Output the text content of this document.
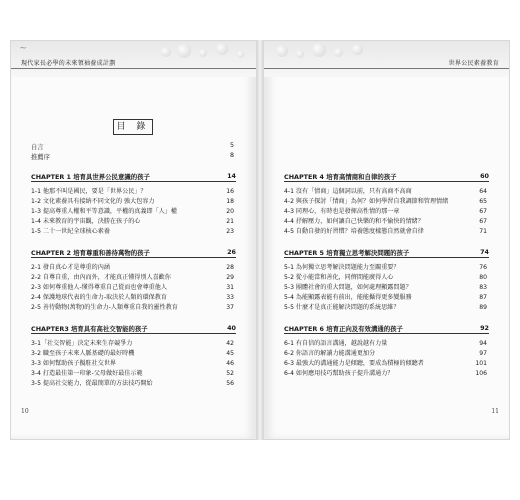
~
現代家長必學的未來領袖養成計劃
目 錄
自言	5
推薦序	8
CHAPTER 1 培育具世界公民意識的孩子	14
1-1 他那不叫是國民，要是「世界公民」？	16
1-2 文化素養具有接納不同文化的 強大包容力	18
1-3 提高尊重人權和平等意識，平權的真義即「人」權	20
1-4 未來教育的宇宙觀，決勝在孩子的心	21
1-5 二十一世紀全球核心素養	23
CHAPTER 2 培育尊重和善待萬物的孩子	26
2-1 發自真心才是尊重的內涵	28
2-2 自尊自重，由內而外，才能真正懂得別人喜歡你	29
2-3 如何尊重他人-懂得尊重自己從而也會尊重他人	31
2-4 保護地球代表的生命力-取決於人類的環保教育	33
2-5 善待動物(萬物)的生命力-人類尊重自我的靈性教育	37
CHAPTER3 培育具有高社交智能的孩子	40
3-1「社交智能」決定未來生存競爭力	42
3-2 職至孩子未來人脈基礎的最好時機	45
3-3 如何幫助孩子擬駐社交世界	46
3-4 打造最佳第一印象-父母做好最佳示範	52
3-5 提高社交能力，從最簡單的方法技巧開始	56
10
世界公民素養教育
CHAPTER 4 培育高情商和自律的孩子	60
4-1 沒有「情商」這個詞以前，只有高商不高商	64
4-2 與孩子探討「情商」為何？如何學習自我調節和管理情緒	65
4-3 同理心，有時也是發揮高性情的那一章	67
4-4 抒解壓力，如何讓自己快樂的和不愉快的情緒？	67
4-5 自動自發的好習慣？培養態度樣態自然就會自律	71
CHAPTER 5 培育獨立思考解決問題的孩子	74
5-1 為何獨立思考解決問題能力至關重要？	76
5-2 從小能當和善化，同儕間能廣得人心	80
5-3 團體社會的重大問題，如何處理顯露問題？	83
5-4 為能顯露表能有前出，能能攝得更多變服務	87
5-5 什麼才是真正能解決問題的系統思維？	89
CHAPTER 6 培育正向及有效溝通的孩子	92
6-1 有自信的語言溝通，越說越有力量	94
6-2 你語言的解讀力能溝通更加分	97
6-3 最強大的溝通能力是傾聽，要成為積極的傾聽者	101
6-4 如何應用技巧幫助孩子提升溝通力？	106
11
